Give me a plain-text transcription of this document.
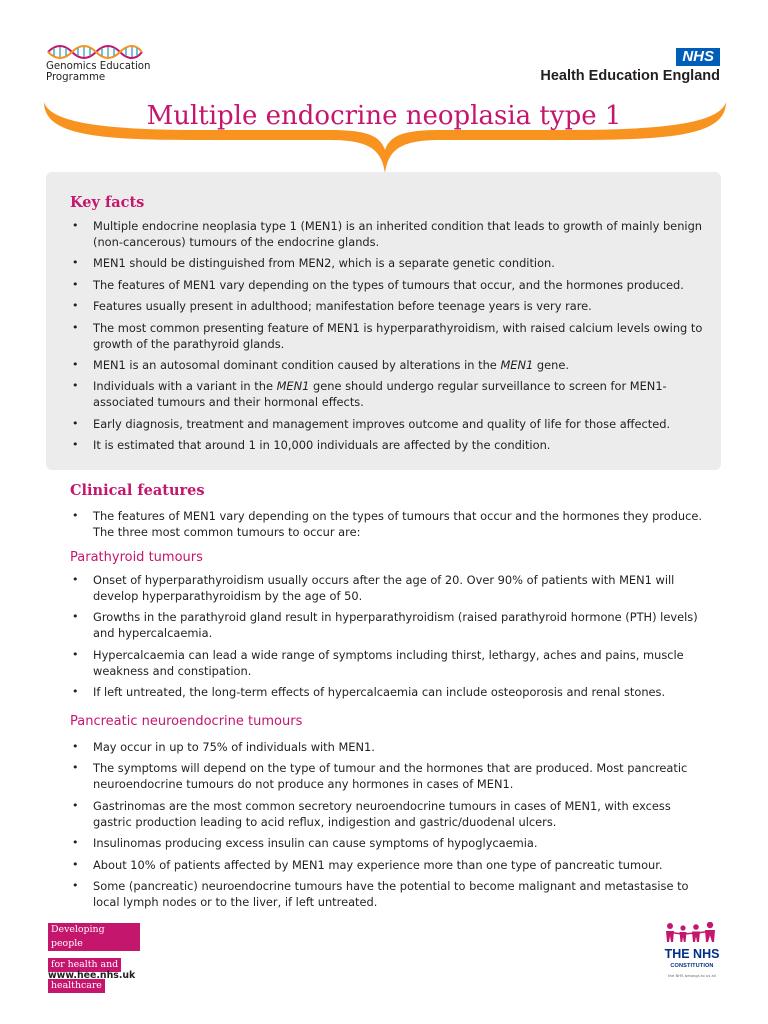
Genomics Education
Programme
NHS
Health Education England
Multiple endocrine neoplasia type 1
Key facts
• Multiple endocrine neoplasia type 1 (MEN1) is an inherited condition that leads to growth of mainly benign (non-cancerous) tumours of the endocrine glands.
• MEN1 should be distinguished from MEN2, which is a separate genetic condition.
• The features of MEN1 vary depending on the types of tumours that occur, and the hormones produced.
• Features usually present in adulthood; manifestation before teenage years is very rare.
• The most common presenting feature of MEN1 is hyperparathyroidism, with raised calcium levels owing to growth of the parathyroid glands.
• MEN1 is an autosomal dominant condition caused by alterations in the MEN1 gene.
• Individuals with a variant in the MEN1 gene should undergo regular surveillance to screen for MEN1-associated tumours and their hormonal effects.
• Early diagnosis, treatment and management improves outcome and quality of life for those affected.
• It is estimated that around 1 in 10,000 individuals are affected by the condition.
Clinical features
• The features of MEN1 vary depending on the types of tumours that occur and the hormones they produce. The three most common tumours to occur are:
Parathyroid tumours
• Onset of hyperparathyroidism usually occurs after the age of 20. Over 90% of patients with MEN1 will develop hyperparathyroidism by the age of 50.
• Growths in the parathyroid gland result in hyperparathyroidism (raised parathyroid hormone (PTH) levels) and hypercalcaemia.
• Hypercalcaemia can lead a wide range of symptoms including thirst, lethargy, aches and pains, muscle weakness and constipation.
• If left untreated, the long-term effects of hypercalcaemia can include osteoporosis and renal stones.
Pancreatic neuroendocrine tumours
• May occur in up to 75% of individuals with MEN1.
• The symptoms will depend on the type of tumour and the hormones that are produced. Most pancreatic neuroendocrine tumours do not produce any hormones in cases of MEN1.
• Gastrinomas are the most common secretory neuroendocrine tumours in cases of MEN1, with excess gastric production leading to acid reflux, indigestion and gastric/duodenal ulcers.
• Insulinomas producing excess insulin can cause symptoms of hypoglycaemia.
• About 10% of patients affected by MEN1 may experience more than one type of pancreatic tumour.
• Some (pancreatic) neuroendocrine tumours have the potential to become malignant and metastasise to local lymph nodes or to the liver, if left untreated.
Developing people
for health and
healthcare
www.hee.nhs.uk
THE NHS
CONSTITUTION
the NHS belongs to us all
